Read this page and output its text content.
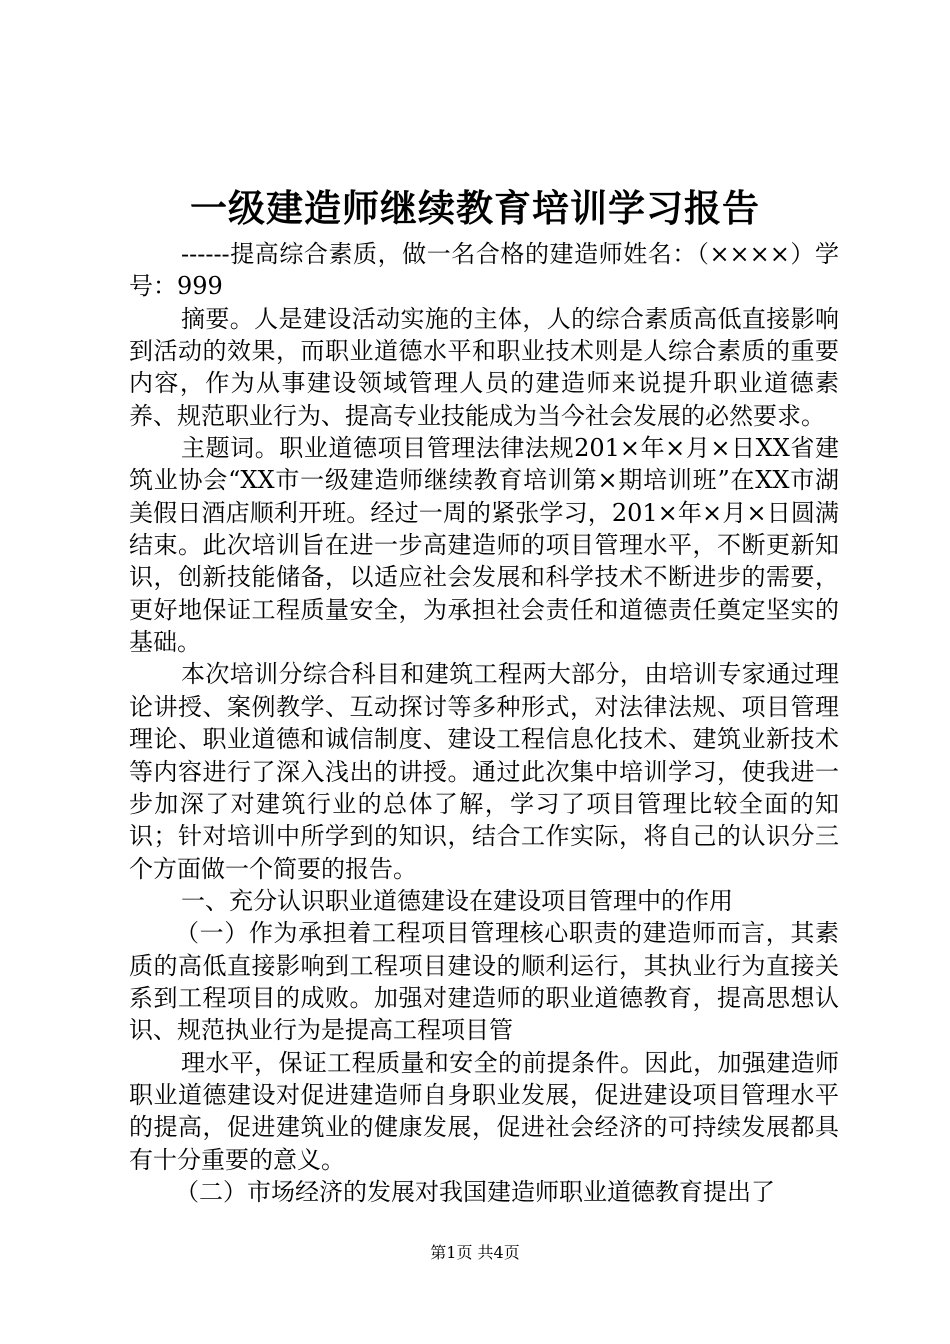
一级建造师继续教育培训学习报告

------提高综合素质，做一名合格的建造师姓名：（××××）学号：999

摘要。人是建设活动实施的主体，人的综合素质高低直接影响到活动的效果，而职业道德水平和职业技术则是人综合素质的重要内容，作为从事建设领域管理人员的建造师来说提升职业道德素养、规范职业行为、提高专业技能成为当今社会发展的必然要求。

主题词。职业道德项目管理法律法规201×年×月×日XX省建筑业协会“XX市一级建造师继续教育培训第×期培训班”在XX市湖美假日酒店顺利开班。经过一周的紧张学习，201×年×月×日圆满结束。此次培训旨在进一步高建造师的项目管理水平，不断更新知识，创新技能储备，以适应社会发展和科学技术不断进步的需要，更好地保证工程质量安全，为承担社会责任和道德责任奠定坚实的基础。

本次培训分综合科目和建筑工程两大部分，由培训专家通过理论讲授、案例教学、互动探讨等多种形式，对法律法规、项目管理理论、职业道德和诚信制度、建设工程信息化技术、建筑业新技术等内容进行了深入浅出的讲授。通过此次集中培训学习，使我进一步加深了对建筑行业的总体了解，学习了项目管理比较全面的知识；针对培训中所学到的知识，结合工作实际，将自己的认识分三个方面做一个简要的报告。

一、充分认识职业道德建设在建设项目管理中的作用

（一）作为承担着工程项目管理核心职责的建造师而言，其素质的高低直接影响到工程项目建设的顺利运行，其执业行为直接关系到工程项目的成败。加强对建造师的职业道德教育，提高思想认识、规范执业行为是提高工程项目管

理水平，保证工程质量和安全的前提条件。因此，加强建造师职业道德建设对促进建造师自身职业发展，促进建设项目管理水平的提高，促进建筑业的健康发展，促进社会经济的可持续发展都具有十分重要的意义。

（二）市场经济的发展对我国建造师职业道德教育提出了

第1页 共4页
